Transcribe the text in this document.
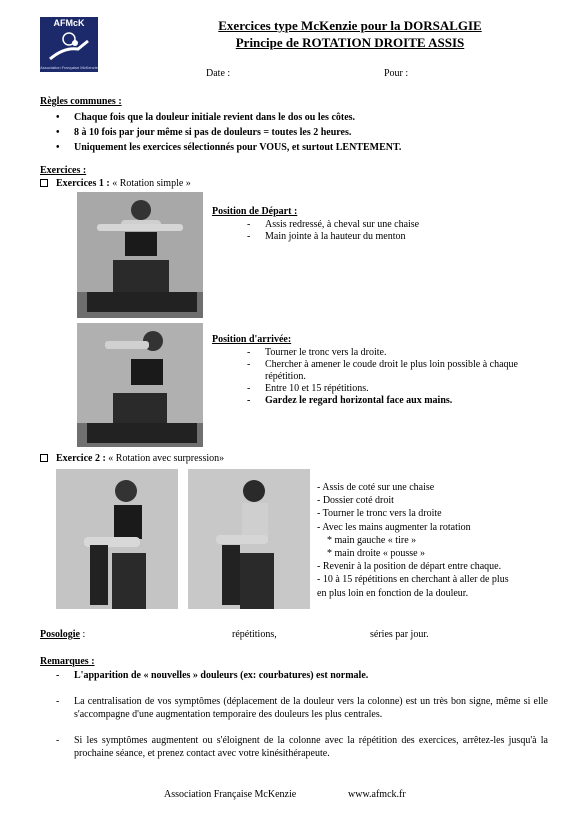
AFMcK
Association Française McKenzie
Exercices type McKenzie pour la DORSALGIE
Principe de ROTATION DROITE ASSIS
Date :	Pour :
Règles communes :
• Chaque fois que la douleur initiale revient dans le dos ou les côtes.
• 8 à 10 fois par jour même si pas de douleurs = toutes les 2 heures.
• Uniquement les exercices sélectionnés pour VOUS, et surtout LENTEMENT.
Exercices :
Exercices 1 : « Rotation simple »
Position de Départ :
- Assis redressé, à cheval sur une chaise
- Main jointe à la hauteur du menton
Position d'arrivée:
- Tourner le tronc vers la droite.
- Chercher à amener le coude droit le plus loin possible à chaque répétition.
- Entre 10 et 15 répétitions.
- Gardez le regard horizontal face aux mains.
Exercice 2 : « Rotation avec surpression»
- Assis de coté sur une chaise
- Dossier coté droit
- Tourner le tronc vers la droite
- Avec les mains augmenter la rotation
* main gauche « tire »
* main droite « pousse »
- Revenir à la position de départ entre chaque.
- 10 à 15 répétitions en cherchant à aller de plus
en plus loin en fonction de la douleur.
Posologie :	répétitions,	séries par jour.
Remarques :
- L'apparition de « nouvelles » douleurs (ex: courbatures) est normale.
- La centralisation de vos symptômes (déplacement de la douleur vers la colonne) est un très bon signe, même si elle s'accompagne d'une augmentation temporaire des douleurs les plus centrales.
- Si les symptômes augmentent ou s'éloignent de la colonne avec la répétition des exercices, arrêtez-les jusqu'à la prochaine séance, et prenez contact avec votre kinésithérapeute.
Association Française McKenzie	www.afmck.fr
